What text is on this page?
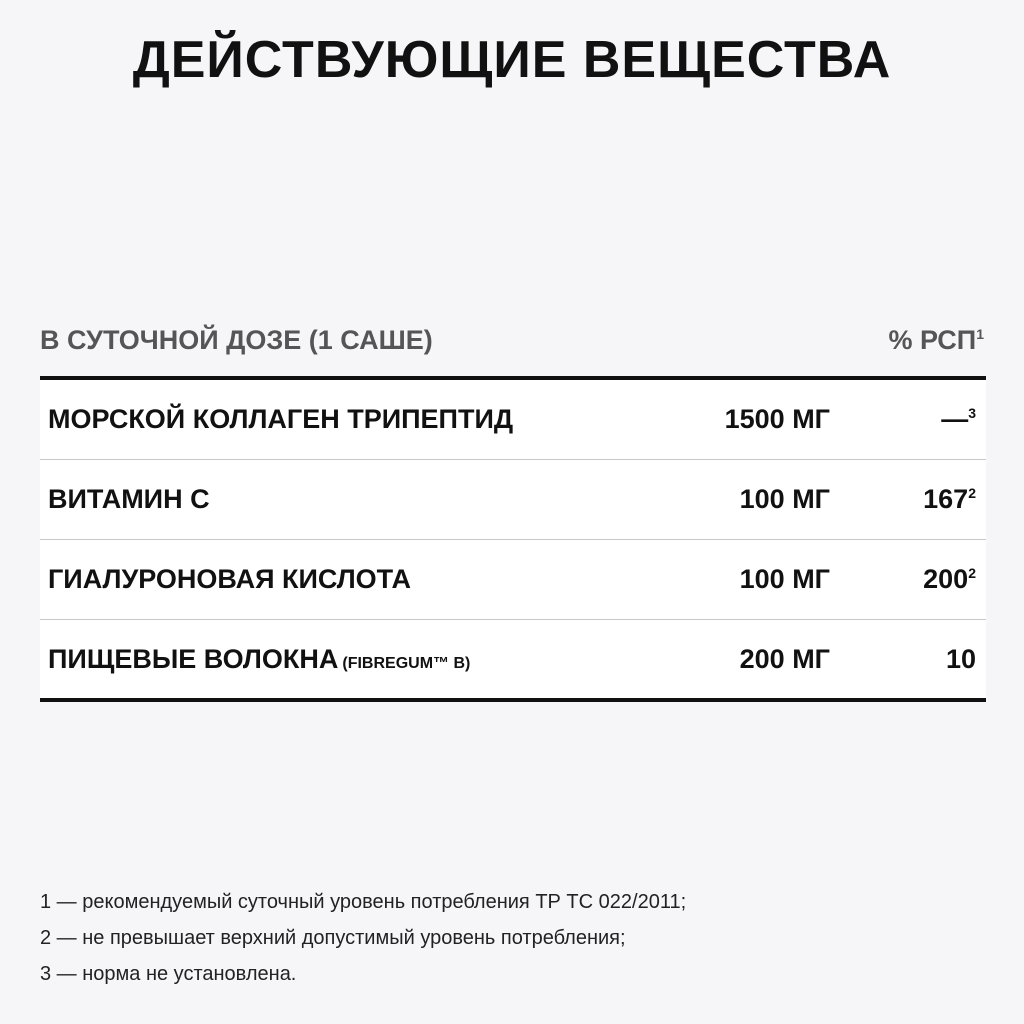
ДЕЙСТВУЮЩИЕ ВЕЩЕСТВА
В СУТОЧНОЙ ДОЗЕ (1 САШЕ)	% РСП$^1$
МОРСКОЙ КОЛЛАГЕН ТРИПЕПТИД	1500 МГ	—$^3$
ВИТАМИН С	100 МГ	$167^2$
ГИАЛУРОНОВАЯ КИСЛОТА	100 МГ	$200^2$
ПИЩЕВЫЕ ВОЛОКНА (FIBREGUM™ B)	200 МГ	10

1 — рекомендуемый суточный уровень потребления ТР ТС 022/2011;

2 — не превышает верхний допустимый уровень потребления;

3 — норма не установлена.
